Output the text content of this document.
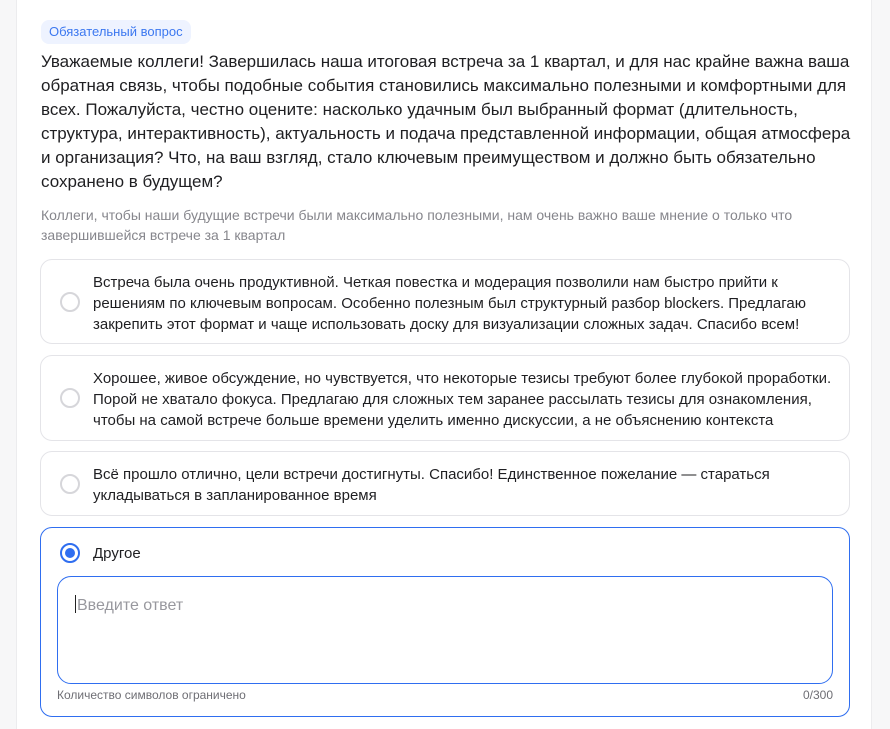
Обязательный вопрос
Уважаемые коллеги! Завершилась наша итоговая встреча за 1 квартал, и для нас крайне важна ваша обратная связь, чтобы подобные события становились максимально полезными и комфортными для всех. Пожалуйста, честно оцените: насколько удачным был выбранный формат (длительность, структура, интерактивность), актуальность и подача представленной информации, общая атмосфера и организация? Что, на ваш взгляд, стало ключевым преимуществом и должно быть обязательно сохранено в будущем?
Коллеги, чтобы наши будущие встречи были максимально полезными, нам очень важно ваше мнение о только что завершившейся встрече за 1 квартал
Встреча была очень продуктивной. Четкая повестка и модерация позволили нам быстро прийти к решениям по ключевым вопросам. Особенно полезным был структурный разбор blockers. Предлагаю закрепить этот формат и чаще использовать доску для визуализации сложных задач. Спасибо всем!
Хорошее, живое обсуждение, но чувствуется, что некоторые тезисы требуют более глубокой проработки. Порой не хватало фокуса. Предлагаю для сложных тем заранее рассылать тезисы для ознакомления, чтобы на самой встрече больше времени уделить именно дискуссии, а не объяснению контекста
Всё прошло отлично, цели встречи достигнуты. Спасибо! Единственное пожелание — стараться укладываться в запланированное время
Другое
Введите ответ
Количество символов ограничено	0/300
